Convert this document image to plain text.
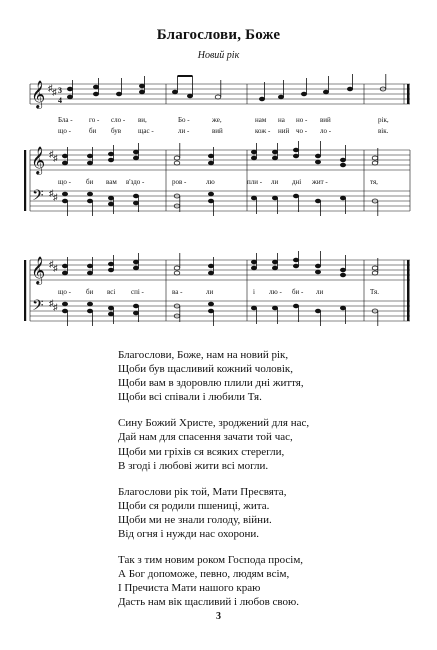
Благослови, Боже
Новий рік
𝄞 ♯ ♯ 3
4
Бла - го - сло - ви,	Бо -	же,	нам на но - вий	рік,
що -	би був щас -	ли -	вий	кож - ний чо - ло -	вік.
𝄞 ♯ ♯
𝄢 ♯ ♯
що - би вам в'здо -	ров -	лю	пли - ли дні жит -	тя,
𝄞 ♯ ♯
𝄢 ♯ ♯
що - би всі спі -	ва -	ли	і лю - би - ли	Тя.
Благослови, Боже, нам на новий рік,
Щоби був щасливий кожний чоловік,
Щоби вам в здоровлю плили дні життя,
Щоби всі співали і любили Тя.
Сину Божий Христе, зроджений для нас,
Дай нам для спасення зачати той час,
Щоби ми гріхів ся всяких стерегли,
В згоді і любові жити всі могли.
Благослови рік той, Мати Пресвята,
Щоби ся родили пшениці, жита.
Щоби ми не знали голоду, війни.
Від огня і нужди нас охорони.
Так з тим новим роком Господа просім,
А Бог допоможе, певно, людям всім,
І Пречиста Мати нашого краю
Дасть нам вік щасливий і любов свою.
3
